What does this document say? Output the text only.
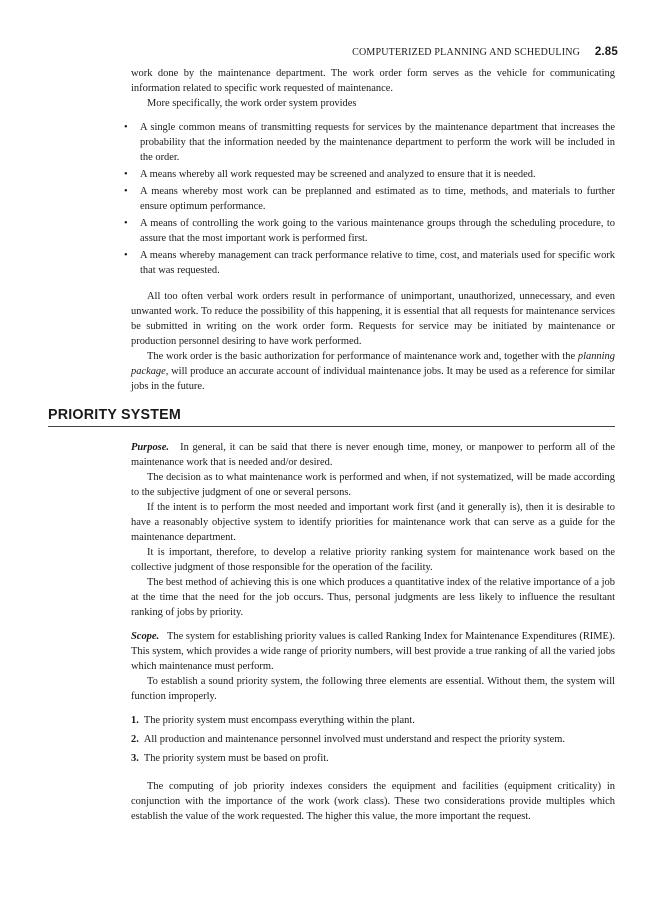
COMPUTERIZED PLANNING AND SCHEDULING 2.85

work done by the maintenance department. The work order form serves as the vehicle for communicating information related to specific work requested of maintenance.

More specifically, the work order system provides

• A single common means of transmitting requests for services by the maintenance department that increases the probability that the information needed by the maintenance department to perform the work will be included in the order.
• A means whereby all work requested may be screened and analyzed to ensure that it is needed.
• A means whereby most work can be preplanned and estimated as to time, methods, and materials to further ensure optimum performance.
• A means of controlling the work going to the various maintenance groups through the scheduling procedure, to assure that the most important work is performed first.
• A means whereby management can track performance relative to time, cost, and materials used for specific work that was requested.

All too often verbal work orders result in performance of unimportant, unauthorized, unnecessary, and even unwanted work. To reduce the possibility of this happening, it is essential that all requests for maintenance services be submitted in writing on the work order form. Requests for service may be initiated by maintenance or production personnel desiring to have work performed.

The work order is the basic authorization for performance of maintenance work and, together with the planning package, will produce an accurate account of individual maintenance jobs. It may be used as a reference for similar jobs in the future.

PRIORITY SYSTEM

Purpose. In general, it can be said that there is never enough time, money, or manpower to perform all of the maintenance work that is needed and/or desired.

The decision as to what maintenance work is performed and when, if not systematized, will be made according to the subjective judgment of one or several persons.

If the intent is to perform the most needed and important work first (and it generally is), then it is desirable to have a reasonably objective system to identify priorities for maintenance work that can serve as a guide for the maintenance department.

It is important, therefore, to develop a relative priority ranking system for maintenance work based on the collective judgment of those responsible for the operation of the facility.

The best method of achieving this is one which produces a quantitative index of the relative importance of a job at the time that the need for the job occurs. Thus, personal judgments are less likely to influence the resultant ranking of jobs by priority.

Scope. The system for establishing priority values is called Ranking Index for Maintenance Expenditures (RIME). This system, which provides a wide range of priority numbers, will best provide a true ranking of all the varied jobs which maintenance must perform.

To establish a sound priority system, the following three elements are essential. Without them, the system will function improperly.

1. The priority system must encompass everything within the plant.
2. All production and maintenance personnel involved must understand and respect the priority system.
3. The priority system must be based on profit.

The computing of job priority indexes considers the equipment and facilities (equipment criticality) in conjunction with the importance of the work (work class). These two considerations provide multiples which establish the value of the work requested. The higher this value, the more important the request.
